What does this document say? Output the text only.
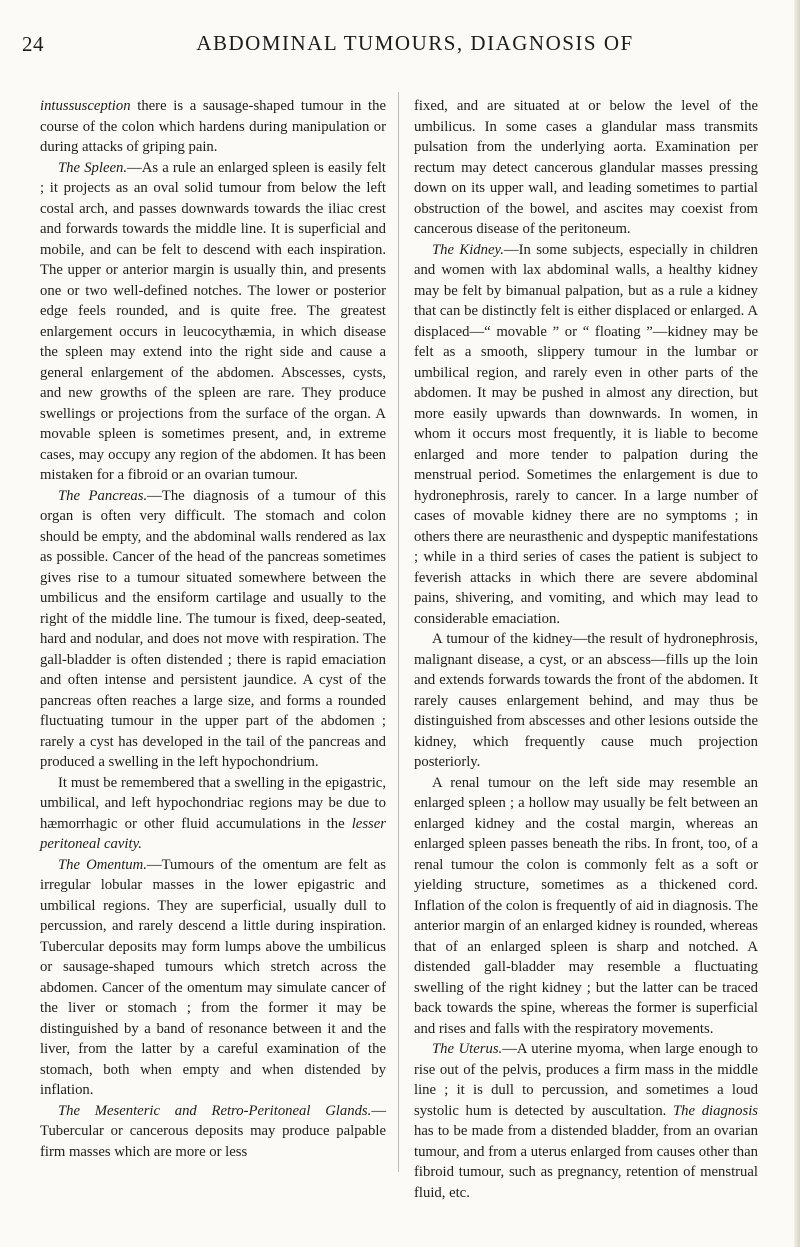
24	ABDOMINAL TUMOURS, DIAGNOSIS OF

intussusception there is a sausage-shaped tumour in the course of the colon which hardens during manipulation or during attacks of griping pain.

The Spleen.—As a rule an enlarged spleen is easily felt ; it projects as an oval solid tumour from below the left costal arch, and passes downwards towards the iliac crest and forwards towards the middle line. It is superficial and mobile, and can be felt to descend with each inspiration. The upper or anterior margin is usually thin, and presents one or two well-defined notches. The lower or posterior edge feels rounded, and is quite free. The greatest enlargement occurs in leucocythæmia, in which disease the spleen may extend into the right side and cause a general enlargement of the abdomen. Abscesses, cysts, and new growths of the spleen are rare. They produce swellings or projections from the surface of the organ. A movable spleen is sometimes present, and, in extreme cases, may occupy any region of the abdomen. It has been mistaken for a fibroid or an ovarian tumour.

The Pancreas.—The diagnosis of a tumour of this organ is often very difficult. The stomach and colon should be empty, and the abdominal walls rendered as lax as possible. Cancer of the head of the pancreas sometimes gives rise to a tumour situated somewhere between the umbilicus and the ensiform cartilage and usually to the right of the middle line. The tumour is fixed, deep-seated, hard and nodular, and does not move with respiration. The gall-bladder is often distended ; there is rapid emaciation and often intense and persistent jaundice. A cyst of the pancreas often reaches a large size, and forms a rounded fluctuating tumour in the upper part of the abdomen ; rarely a cyst has developed in the tail of the pancreas and produced a swelling in the left hypochondrium.

It must be remembered that a swelling in the epigastric, umbilical, and left hypochondriac regions may be due to hæmorrhagic or other fluid accumulations in the lesser peritoneal cavity.

The Omentum.—Tumours of the omentum are felt as irregular lobular masses in the lower epigastric and umbilical regions. They are superficial, usually dull to percussion, and rarely descend a little during inspiration. Tubercular deposits may form lumps above the umbilicus or sausage-shaped tumours which stretch across the abdomen. Cancer of the omentum may simulate cancer of the liver or stomach ; from the former it may be distinguished by a band of resonance between it and the liver, from the latter by a careful examination of the stomach, both when empty and when distended by inflation.

The Mesenteric and Retro-Peritoneal Glands.— Tubercular or cancerous deposits may produce palpable firm masses which are more or less

fixed, and are situated at or below the level of the umbilicus. In some cases a glandular mass transmits pulsation from the underlying aorta. Examination per rectum may detect cancerous glandular masses pressing down on its upper wall, and leading sometimes to partial obstruction of the bowel, and ascites may coexist from cancerous disease of the peritoneum.

The Kidney.—In some subjects, especially in children and women with lax abdominal walls, a healthy kidney may be felt by bimanual palpation, but as a rule a kidney that can be distinctly felt is either displaced or enlarged. A displaced—“ movable ” or “ floating ”—kidney may be felt as a smooth, slippery tumour in the lumbar or umbilical region, and rarely even in other parts of the abdomen. It may be pushed in almost any direction, but more easily upwards than downwards. In women, in whom it occurs most frequently, it is liable to become enlarged and more tender to palpation during the menstrual period. Sometimes the enlargement is due to hydronephrosis, rarely to cancer. In a large number of cases of movable kidney there are no symptoms ; in others there are neurasthenic and dyspeptic manifestations ; while in a third series of cases the patient is subject to feverish attacks in which there are severe abdominal pains, shivering, and vomiting, and which may lead to considerable emaciation.

A tumour of the kidney—the result of hydronephrosis, malignant disease, a cyst, or an abscess—fills up the loin and extends forwards towards the front of the abdomen. It rarely causes enlargement behind, and may thus be distinguished from abscesses and other lesions outside the kidney, which frequently cause much projection posteriorly.

A renal tumour on the left side may resemble an enlarged spleen ; a hollow may usually be felt between an enlarged kidney and the costal margin, whereas an enlarged spleen passes beneath the ribs. In front, too, of a renal tumour the colon is commonly felt as a soft or yielding structure, sometimes as a thickened cord. Inflation of the colon is frequently of aid in diagnosis. The anterior margin of an enlarged kidney is rounded, whereas that of an enlarged spleen is sharp and notched. A distended gall-bladder may resemble a fluctuating swelling of the right kidney ; but the latter can be traced back towards the spine, whereas the former is superficial and rises and falls with the respiratory movements.

The Uterus.—A uterine myoma, when large enough to rise out of the pelvis, produces a firm mass in the middle line ; it is dull to percussion, and sometimes a loud systolic hum is detected by auscultation. The diagnosis has to be made from a distended bladder, from an ovarian tumour, and from a uterus enlarged from causes other than fibroid tumour, such as pregnancy, retention of menstrual fluid, etc.
